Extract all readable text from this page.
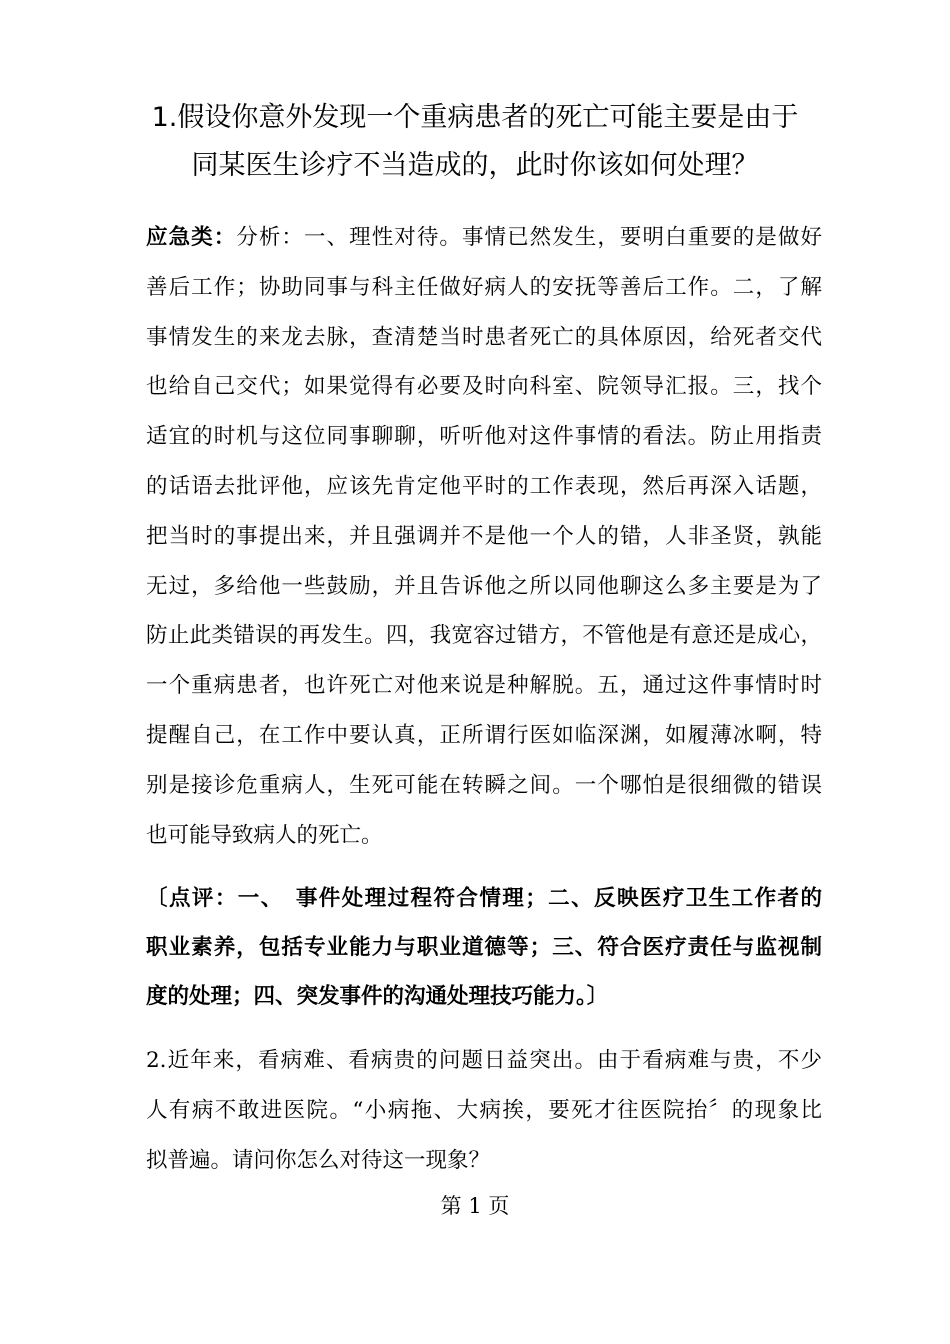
1.假设你意外发现一个重病患者的死亡可能主要是由于
同某医生诊疗不当造成的，此时你该如何处理？
应急类：分析：一、理性对待。事情已然发生，要明白重要的是做好
善后工作；协助同事与科主任做好病人的安抚等善后工作。二，了解
事情发生的来龙去脉，查清楚当时患者死亡的具体原因，给死者交代
也给自己交代；如果觉得有必要及时向科室、院领导汇报。三，找个
适宜的时机与这位同事聊聊，听听他对这件事情的看法。防止用指责
的话语去批评他，应该先肯定他平时的工作表现，然后再深入话题，
把当时的事提出来，并且强调并不是他一个人的错，人非圣贤，孰能
无过，多给他一些鼓励，并且告诉他之所以同他聊这么多主要是为了
防止此类错误的再发生。四，我宽容过错方，不管他是有意还是成心，
一个重病患者，也许死亡对他来说是种解脱。五，通过这件事情时时
提醒自己，在工作中要认真，正所谓行医如临深渊，如履薄冰啊，特
别是接诊危重病人，生死可能在转瞬之间。一个哪怕是很细微的错误
也可能导致病人的死亡。
〔点评：一、　事件处理过程符合情理；二、反映医疗卫生工作者的
职业素养，包括专业能力与职业道德等；三、符合医疗责任与监视制
度的处理；四、突发事件的沟通处理技巧能力。〕
2.近年来，看病难、看病贵的问题日益突出。由于看病难与贵，不少
人有病不敢进医院。“小病拖、大病挨，要死才往医院抬〞的现象比
拟普遍。请问你怎么对待这一现象？
第 1 页
